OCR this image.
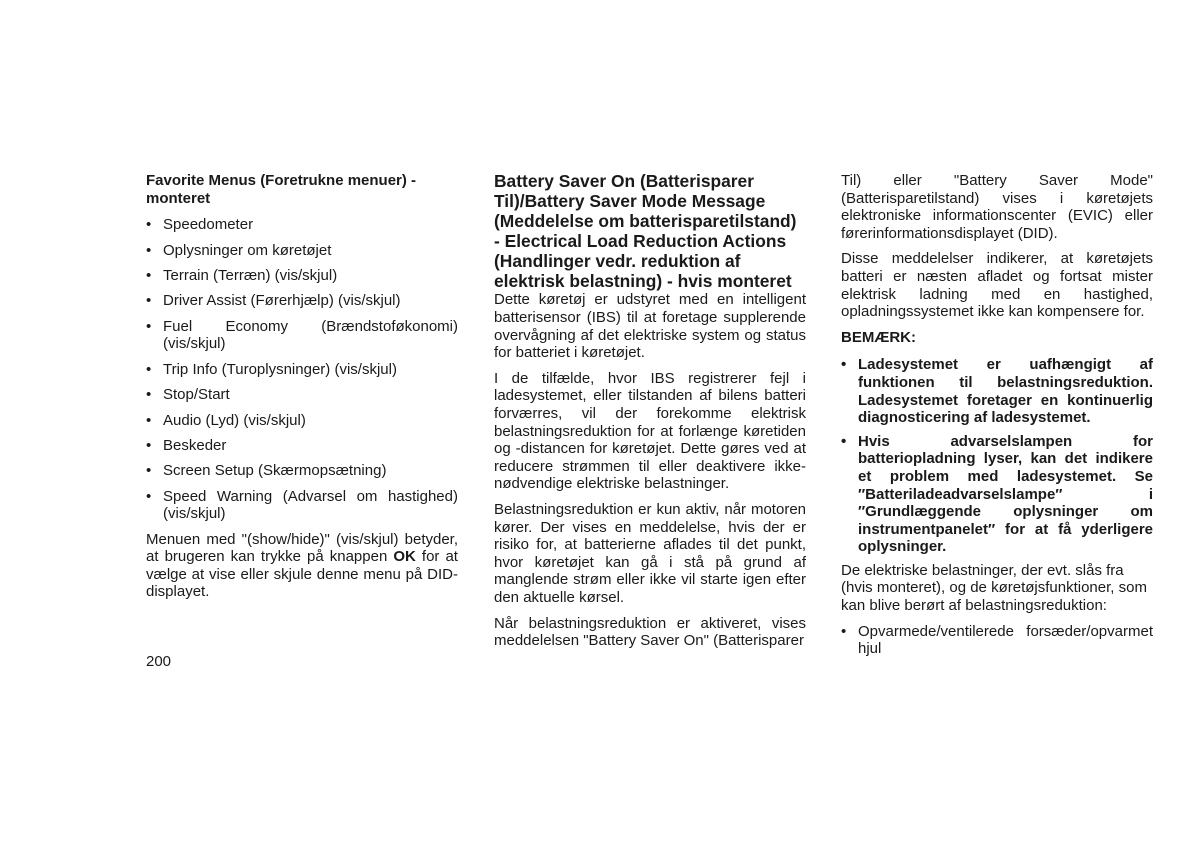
Favorite Menus (Foretrukne menuer) - monteret

• Speedometer
• Oplysninger om køretøjet
• Terrain (Terræn) (vis/skjul)
• Driver Assist (Førerhjælp) (vis/skjul)
• Fuel Economy (Brændstoføkonomi) (vis/skjul)
• Trip Info (Turoplysninger) (vis/skjul)
• Stop/Start
• Audio (Lyd) (vis/skjul)
• Beskeder
• Screen Setup (Skærmopsætning)
• Speed Warning (Advarsel om hastighed) (vis/skjul)

Menuen med "(show/hide)" (vis/skjul) betyder, at brugeren kan trykke på knappen OK for at vælge at vise eller skjule denne menu på DID-displayet.

Battery Saver On (Batterisparer Til)/Battery Saver Mode Message (Meddelelse om batterisparetilstand) - Electrical Load Reduction Actions (Handlinger vedr. reduktion af elektrisk belastning) - hvis monteret

Dette køretøj er udstyret med en intelligent batterisensor (IBS) til at foretage supplerende overvågning af det elektriske system og status for batteriet i køretøjet.

I de tilfælde, hvor IBS registrerer fejl i ladesystemet, eller tilstanden af bilens batteri forværres, vil der forekomme elektrisk belastningsreduktion for at forlænge køretiden og -distancen for køretøjet. Dette gøres ved at reducere strømmen til eller deaktivere ikke-nødvendige elektriske belastninger.

Belastningsreduktion er kun aktiv, når motoren kører. Der vises en meddelelse, hvis der er risiko for, at batterierne aflades til det punkt, hvor køretøjet kan gå i stå på grund af manglende strøm eller ikke vil starte igen efter den aktuelle kørsel.

Når belastningsreduktion er aktiveret, vises meddelelsen "Battery Saver On" (Batterisparer

Til) eller "Battery Saver Mode" (Batterisparetilstand) vises i køretøjets elektroniske informationscenter (EVIC) eller førerinformationsdisplayet (DID).

Disse meddelelser indikerer, at køretøjets batteri er næsten afladet og fortsat mister elektrisk ladning med en hastighed, opladningssystemet ikke kan kompensere for.

BEMÆRK:

• Ladesystemet er uafhængigt af funktionen til belastningsreduktion. Ladesystemet foretager en kontinuerlig diagnosticering af ladesystemet.
• Hvis advarselslampen for batteriopladning lyser, kan det indikere et problem med ladesystemet. Se ″Batteriladeadvarselslampe″ i ″Grundlæggende oplysninger om instrumentpanelet″ for at få yderligere oplysninger.

De elektriske belastninger, der evt. slås fra (hvis monteret), og de køretøjsfunktioner, som kan blive berørt af belastningsreduktion:

• Opvarmede/ventilerede forsæder/opvarmet hjul
200
